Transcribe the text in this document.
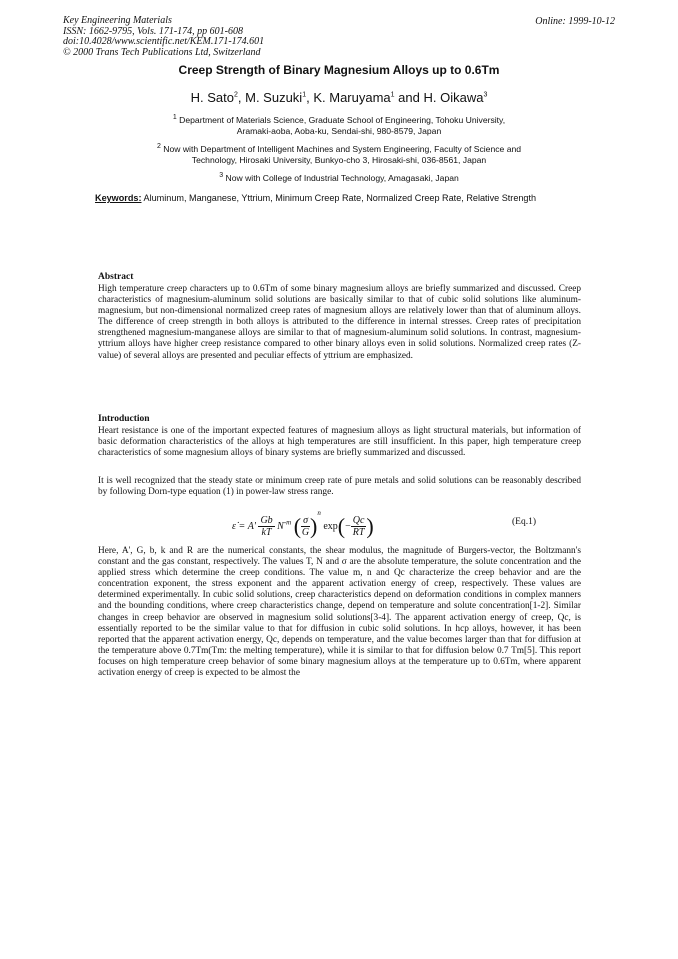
Key Engineering Materials
ISSN: 1662-9795, Vols. 171-174, pp 601-608
doi:10.4028/www.scientific.net/KEM.171-174.601
© 2000 Trans Tech Publications Ltd, Switzerland
Online: 1999-10-12
Creep Strength of Binary Magnesium Alloys up to 0.6Tm
H. Sato$^2$, M. Suzuki$^1$, K. Maruyama$^1$ and H. Oikawa$^3$
$^1$ Department of Materials Science, Graduate School of Engineering, Tohoku University,
Aramaki-aoba, Aoba-ku, Sendai-shi, 980-8579, Japan
$^2$ Now with Department of Intelligent Machines and System Engineering, Faculty of Science and
Technology, Hirosaki University, Bunkyo-cho 3, Hirosaki-shi, 036-8561, Japan
$^3$ Now with College of Industrial Technology, Amagasaki, Japan
Keywords: Aluminum, Manganese, Yttrium, Minimum Creep Rate, Normalized Creep Rate, Relative Strength
Abstract
High temperature creep characters up to 0.6Tm of some binary magnesium alloys are briefly summarized and discussed. Creep characteristics of magnesium-aluminum solid solutions are basically similar to that of cubic solid solutions like aluminum-magnesium, but non-dimensional normalized creep rates of magnesium alloys are relatively lower than that of aluminum alloys. The difference of creep strength in both alloys is attributed to the difference in internal stresses. Creep rates of precipitation strengthened magnesium-manganese alloys are similar to that of magnesium-aluminum solid solutions. In contrast, magnesium-yttrium alloys have higher creep resistance compared to other binary alloys even in solid solutions. Normalized creep rates (Z-value) of several alloys are presented and peculiar effects of yttrium are emphasized.
Introduction
Heart resistance is one of the important expected features of magnesium alloys as light structural materials, but information of basic deformation characteristics of the alloys at high temperatures are still insufficient. In this paper, high temperature creep characteristics of some magnesium alloys of binary systems are briefly summarized and discussed.
It is well recognized that the steady state or minimum creep rate of pure metals and solid solutions can be reasonably described by following Dorn-type equation (1) in power-law stress range.
ε̇ = $A' \frac{Gb}{kT} N^{-m}$ ( $\frac{\sigma}{G} )^n$ $\exp(- \frac{Qc}{RT}$ )	(Eq.1)
Here, A', G, b, k and R are the numerical constants, the shear modulus, the magnitude of Burgers-vector, the Boltzmann's constant and the gas constant, respectively. The values T, N and σ are the absolute temperature, the solute concentration and the applied stress which determine the creep conditions. The value m, n and Qc characterize the creep behavior and are the concentration exponent, the stress exponent and the apparent activation energy of creep, respectively. These values are determined experimentally. In cubic solid solutions, creep characteristics depend on deformation conditions in complex manners and the bounding conditions, where creep characteristics change, depend on temperature and solute concentration[1-2]. Similar changes in creep behavior are observed in magnesium solid solutions[3-4]. The apparent activation energy of creep, Qc, is essentially reported to be the similar value to that for diffusion in cubic solid solutions. In hcp alloys, however, it has been reported that the apparent activation energy, Qc, depends on temperature, and the value becomes larger than that for diffusion at the temperature above 0.7Tm(Tm: the melting temperature), while it is similar to that for diffusion below 0.7 Tm[5]. This report focuses on high temperature creep behavior of some binary magnesium alloys at the temperature up to 0.6Tm, where apparent activation energy of creep is expected to be almost the
